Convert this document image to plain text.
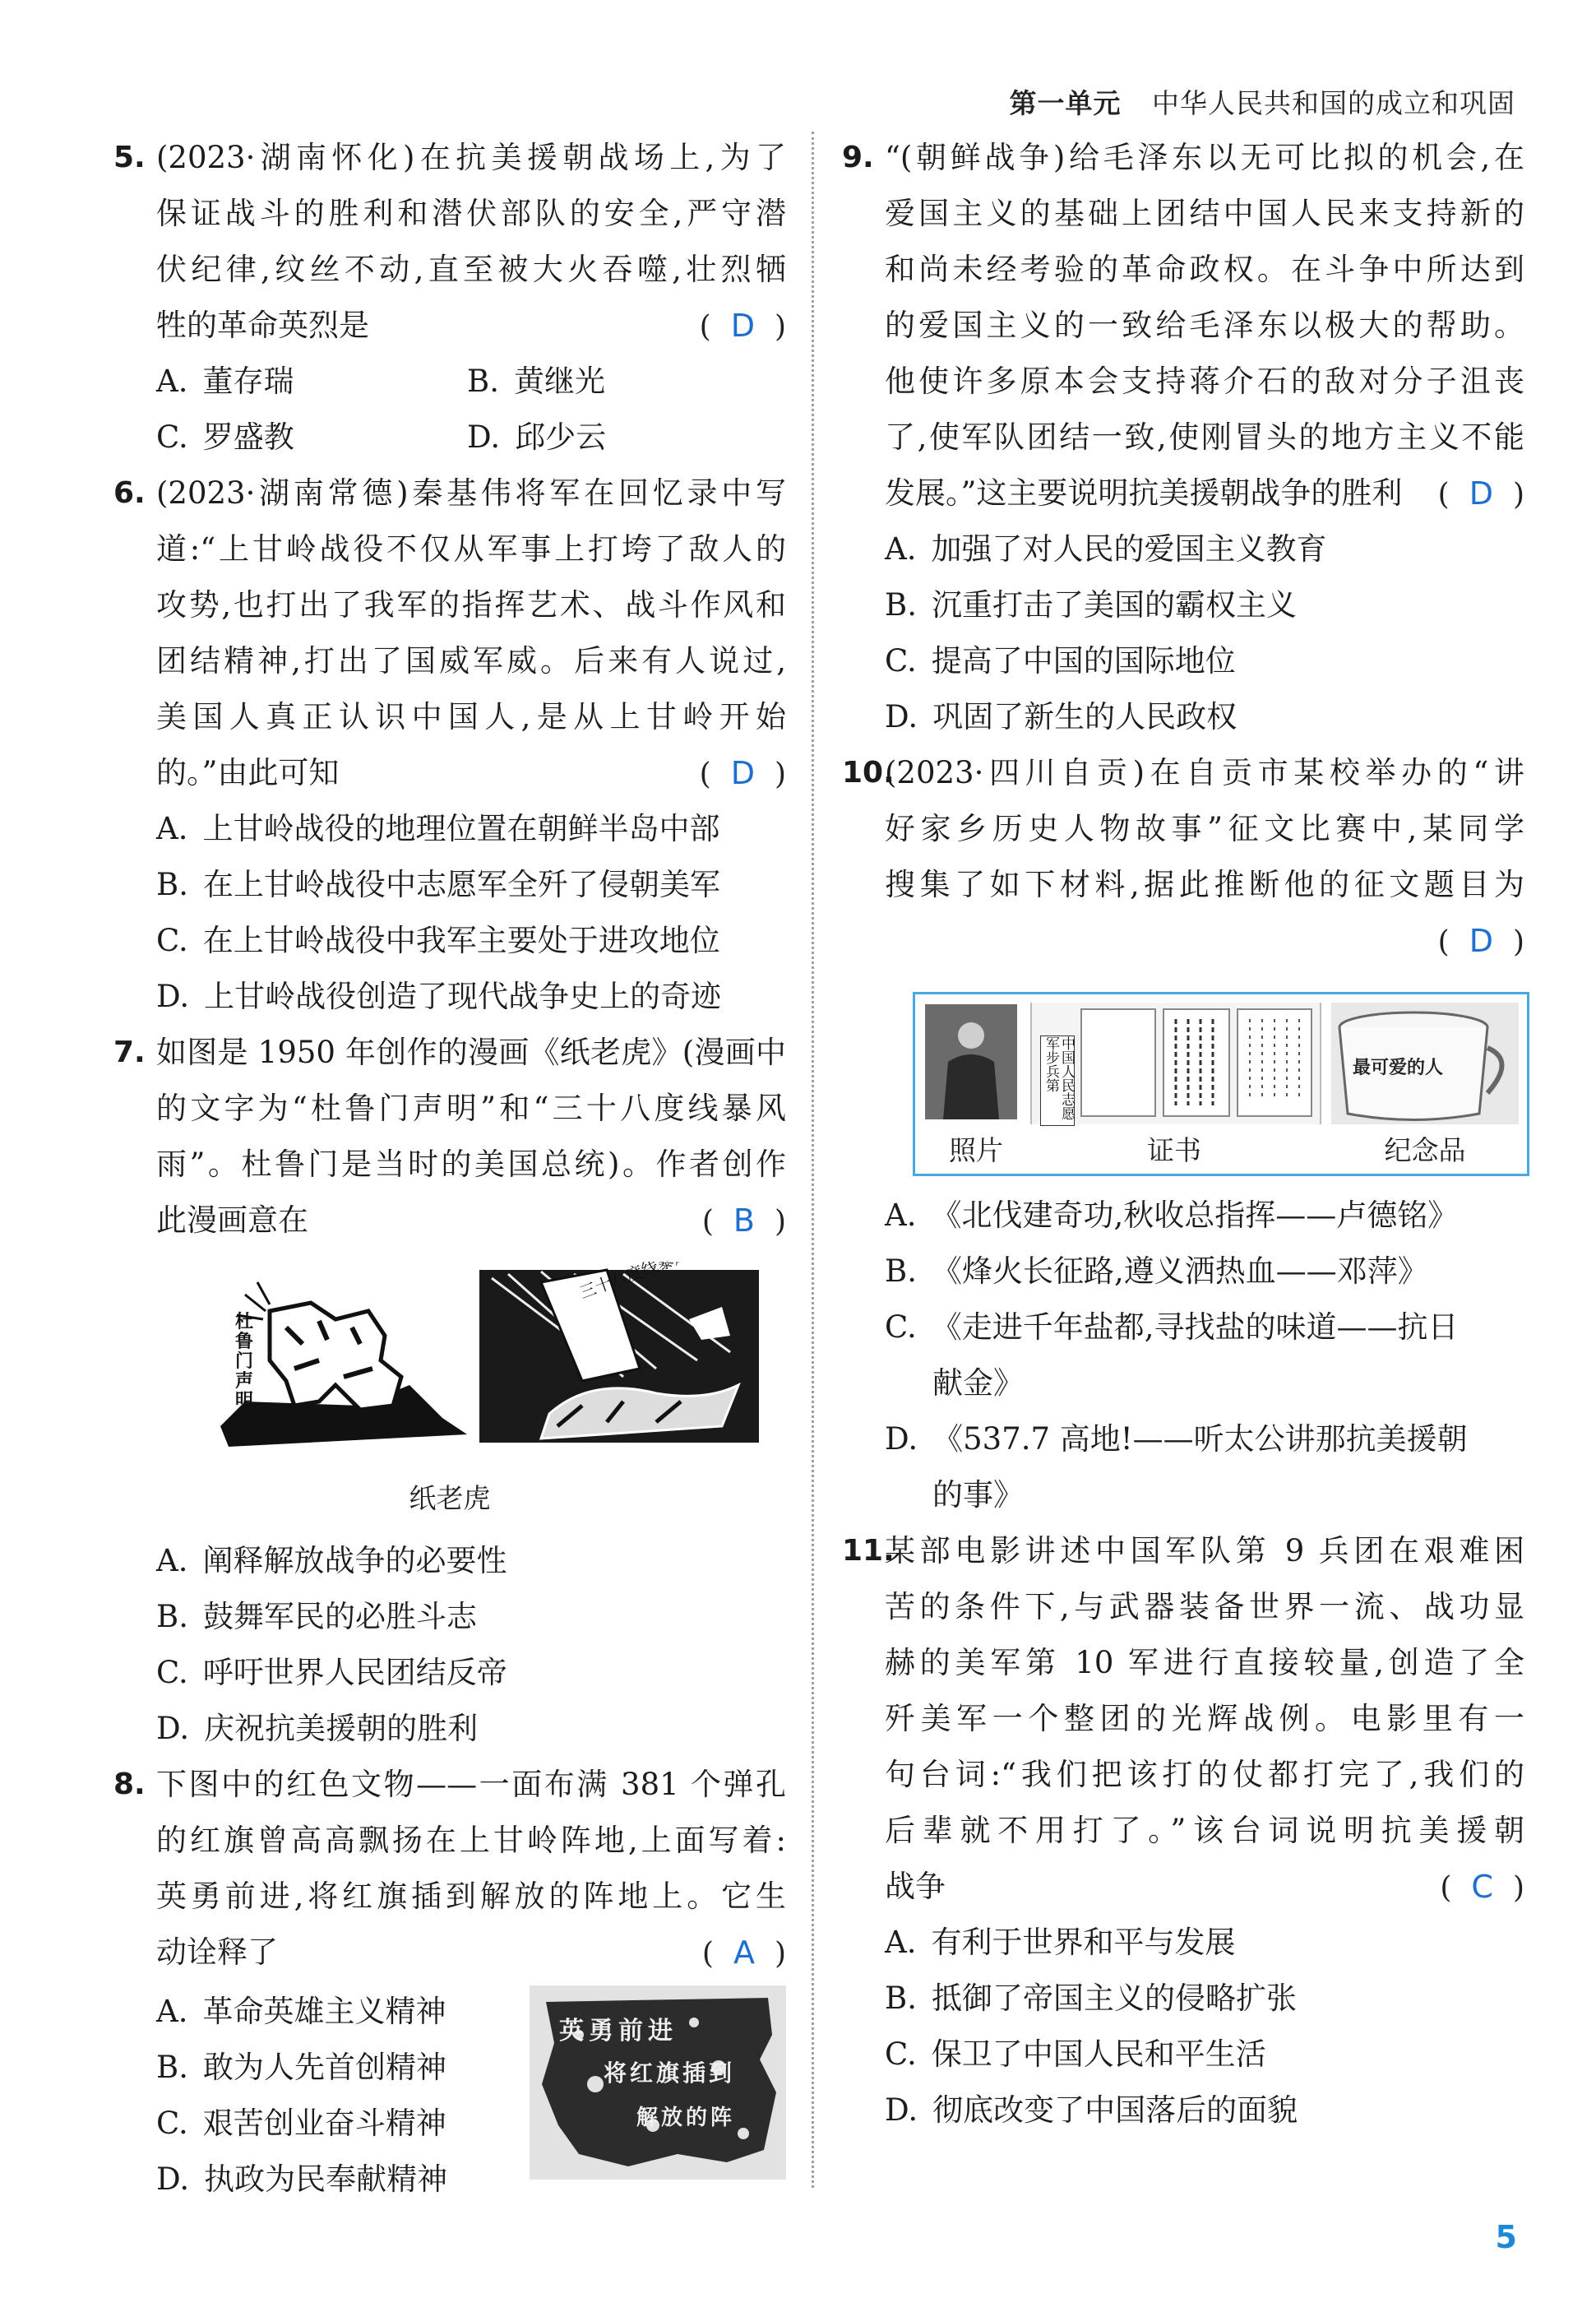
第一单元 中华人民共和国的成立和巩固
5. (2023·湖南怀化)在抗美援朝战场上,为了
保证战斗的胜利和潜伏部队的安全,严守潜
伏纪律,纹丝不动,直至被大火吞噬,壮烈牺
牲的革命英烈是	( D )
A. 董存瑞	B. 黄继光
C. 罗盛教	D. 邱少云
6. (2023·湖南常德)秦基伟将军在回忆录中写
道:“上甘岭战役不仅从军事上打垮了敌人的
攻势,也打出了我军的指挥艺术、战斗作风和
团结精神,打出了国威军威。后来有人说过,
美国人真正认识中国人,是从上甘岭开始
的。”由此可知	( D )
A. 上甘岭战役的地理位置在朝鲜半岛中部
B. 在上甘岭战役中志愿军全歼了侵朝美军
C. 在上甘岭战役中我军主要处于进攻地位
D. 上甘岭战役创造了现代战争史上的奇迹
7. 如图是 1950 年创作的漫画《纸老虎》(漫画中
的文字为“杜鲁门声明”和“三十八度线暴风
雨”。杜鲁门是当时的美国总统)。作者创作
此漫画意在	( B )
杜鲁门声明
纸老虎
A. 阐释解放战争的必要性
B. 鼓舞军民的必胜斗志
C. 呼吁世界人民团结反帝
D. 庆祝抗美援朝的胜利
8. 下图中的红色文物——一面布满 381 个弹孔
的红旗曾高高飘扬在上甘岭阵地,上面写着:
英勇前进,将红旗插到解放的阵地上。它生
动诠释了	( A )
A. 革命英雄主义精神
B. 敢为人先首创精神
C. 艰苦创业奋斗精神
D. 执政为民奉献精神
英勇前进
将红旗插到
解放的阵
9. “(朝鲜战争)给毛泽东以无可比拟的机会,在
爱国主义的基础上团结中国人民来支持新的
和尚未经考验的革命政权。在斗争中所达到
的爱国主义的一致给毛泽东以极大的帮助。
他使许多原本会支持蒋介石的敌对分子沮丧
了,使军队团结一致,使刚冒头的地方主义不能
发展。”这主要说明抗美援朝战争的胜利	( D )
A. 加强了对人民的爱国主义教育
B. 沉重打击了美国的霸权主义
C. 提高了中国的国际地位
D. 巩固了新生的人民政权
10.
(2023·四川自贡)在自贡市某校举办的“讲
好家乡历史人物故事”征文比赛中,某同学
搜集了如下材料,据此推断他的征文题目为
( D )
中国人民志愿军步兵第	最可爱的人
照片	证书	纪念品
A. 《北伐建奇功,秋收总指挥——卢德铭》
B. 《烽火长征路,遵义洒热血——邓萍》
C. 《走进千年盐都,寻找盐的味道——抗日
献金》
D. 《537.7 高地!——听太公讲那抗美援朝
的事》
11.
某部电影讲述中国军队第 9 兵团在艰难困
苦的条件下,与武器装备世界一流、战功显
赫的美军第 10 军进行直接较量,创造了全
歼美军一个整团的光辉战例。电影里有一
句台词:“我们把该打的仗都打完了,我们的
后辈就不用打了。”该台词说明抗美援朝
战争	( C )
A. 有利于世界和平与发展
B. 抵御了帝国主义的侵略扩张
C. 保卫了中国人民和平生活
D. 彻底改变了中国落后的面貌
5
